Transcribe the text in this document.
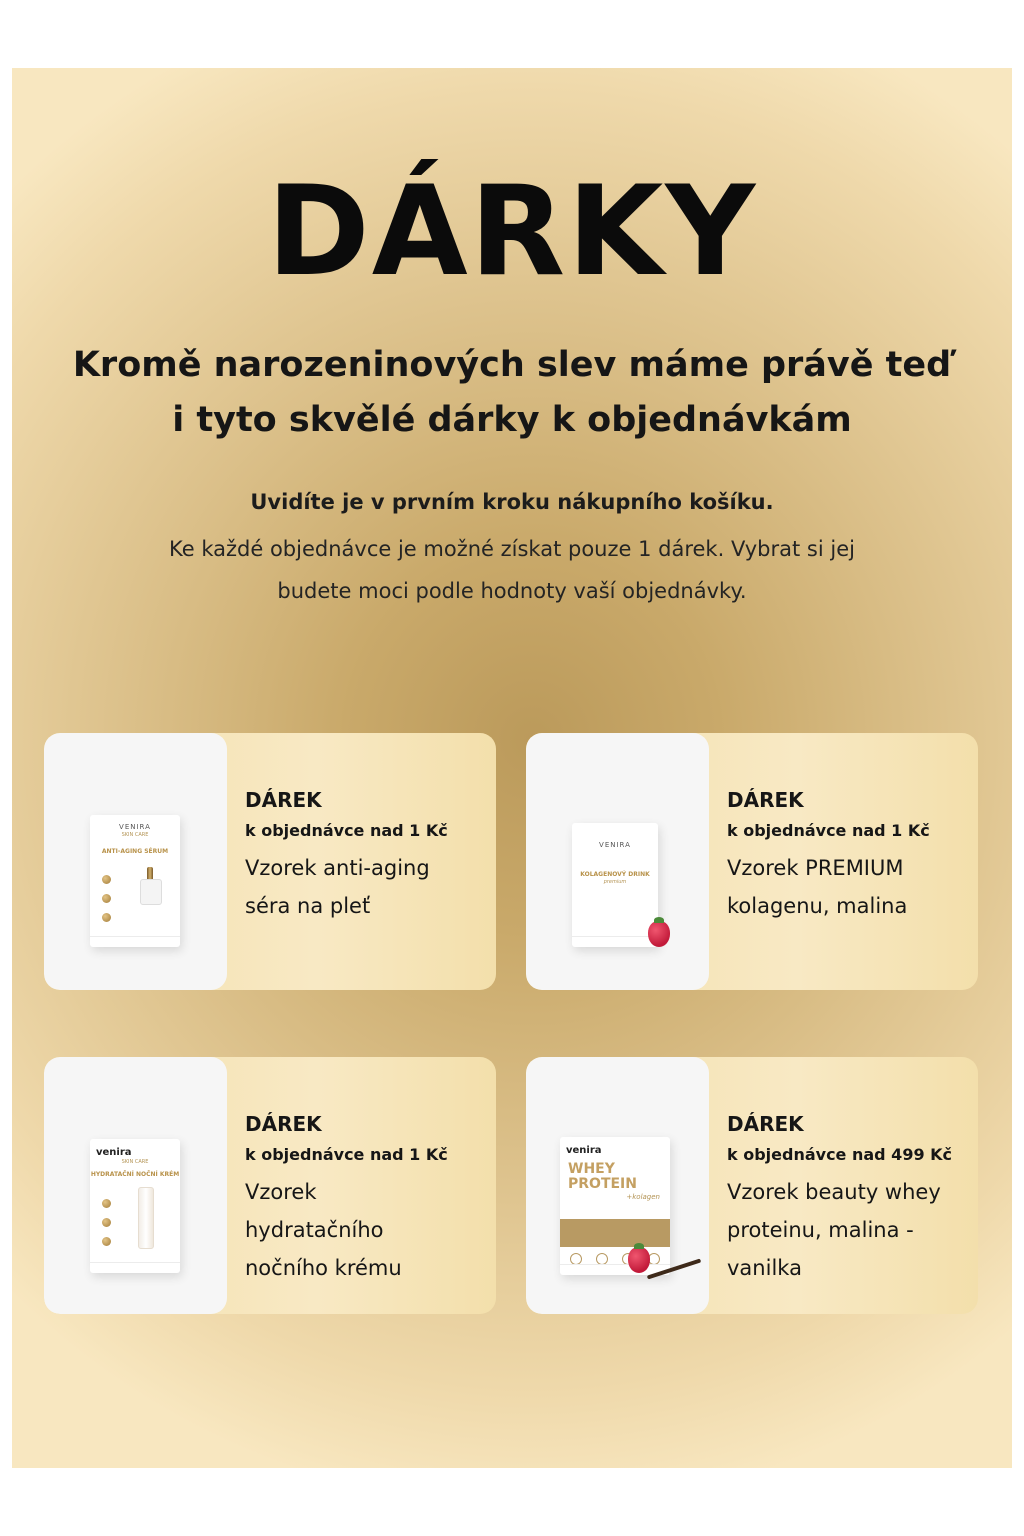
DÁRKY
Kromě narozeninových slev máme právě teď
i tyto skvělé dárky k objednávkám
Uvidíte je v prvním kroku nákupního košíku.
Ke každé objednávce je možné získat pouze 1 dárek. Vybrat si jej
budete moci podle hodnoty vaší objednávky.
VENIRA
SKIN CARE
ANTI-AGING SÉRUM
DÁREK
k objednávce nad 1 Kč
Vzorek anti-aging séra na pleť
VENIRA
KOLAGENOVÝ DRINK
premium
DÁREK
k objednávce nad 1 Kč
Vzorek PREMIUM kolagenu, malina
venira
SKIN CARE
HYDRATAČNÍ NOČNÍ KRÉM
DÁREK
k objednávce nad 1 Kč
Vzorek hydratačního nočního krému
venira
WHEY PROTEIN
+kolagen
DÁREK
k objednávce nad 499 Kč
Vzorek beauty whey proteinu, malina - vanilka
